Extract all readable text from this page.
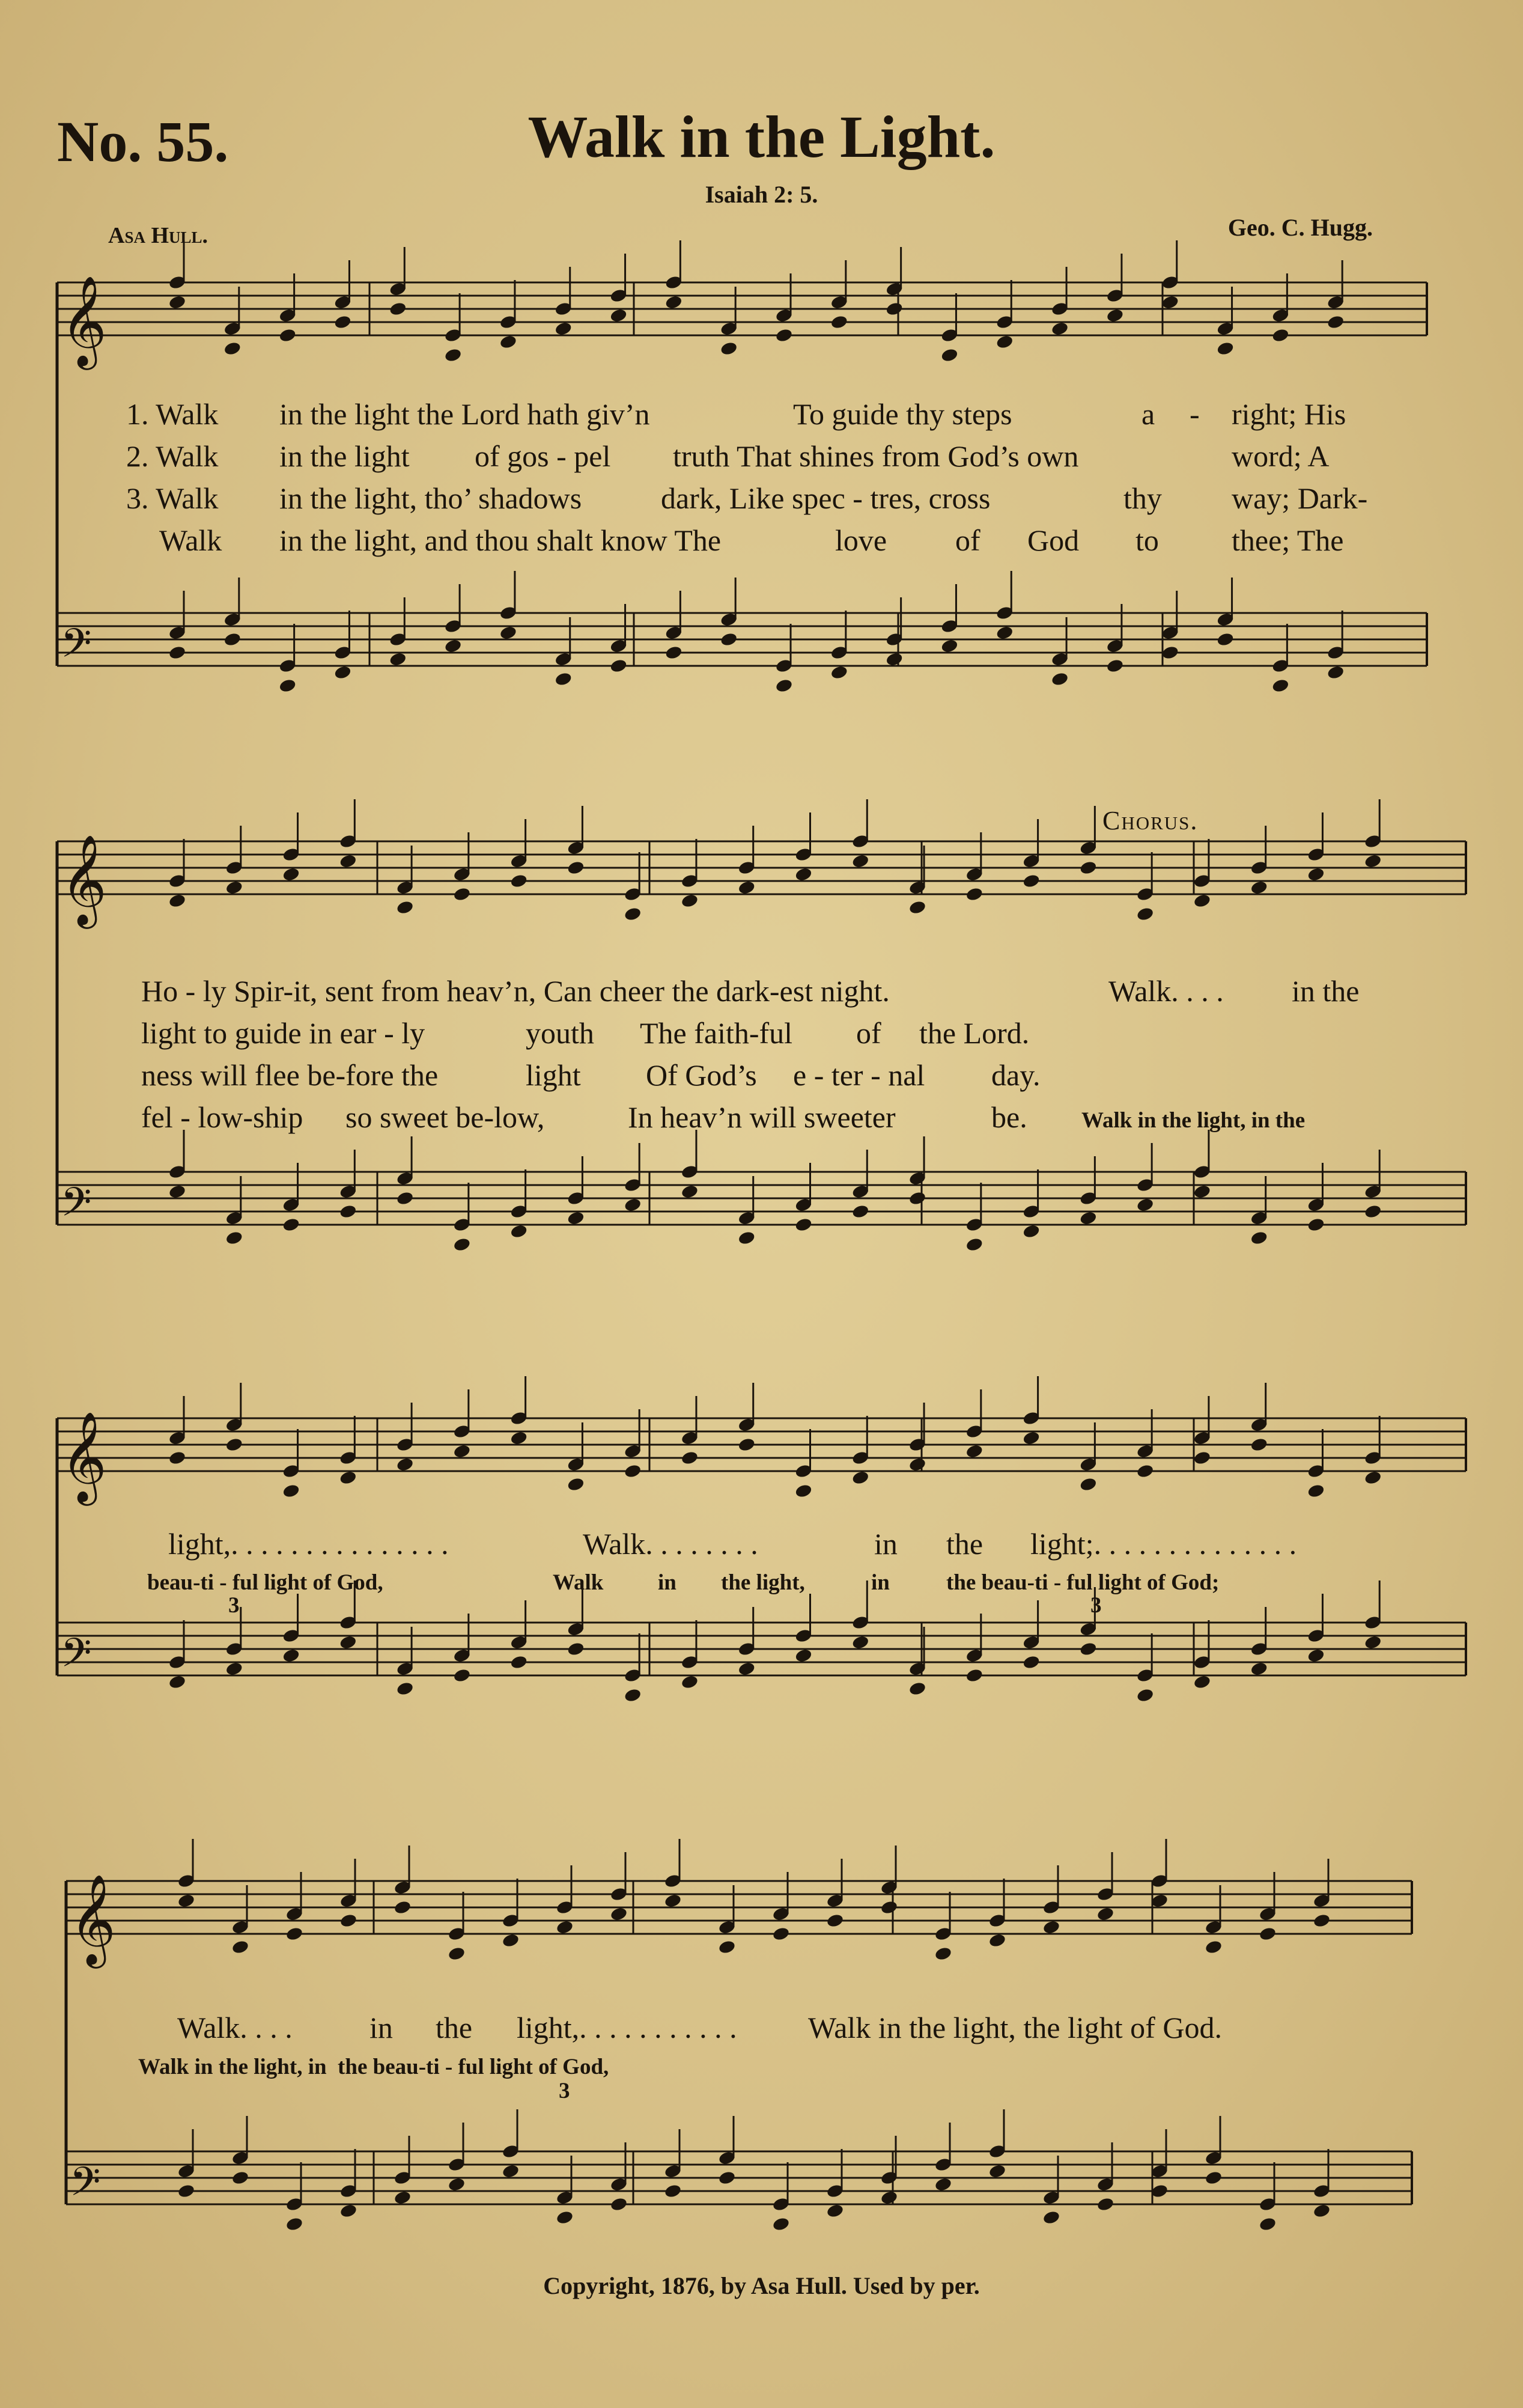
No. 55.	Walk in the Light.
Isaiah 2: 5.
Asa Hull.	Geo. C. Hugg.
𝄞
𝄢
𝄞
𝄢
𝄞
𝄢
𝄞
𝄢
1. Walk in the light the Lord hath giv’n	To guide thy steps	a - right; His
2. Walk in the light of gos - pel truth That shines from God’s own	word; A
3. Walk in the light, tho’ shadows	dark, Like spec - tres, cross	thy way; Dark-
Walk in the light, and thou shalt know The	love of God to thee; The
Chorus.
Ho - ly Spir-it, sent from heav’n, Can cheer the dark-est night.	Walk. . . . in the
light to guide in ear - ly	youth The faith-ful of the Lord.
ness will flee be-fore the	light Of God’s e - ter - nal day.
fel - low-ship so sweet be-low,	In heav’n will sweeter	be. Walk in the light, in the
light,. . . . . . . . . . . . . . .	Walk. . . . . . . .	in the light;. . . . . . . . . . . . . .
beau-ti - ful light of God,	Walk in the light,	in	the beau-ti - ful light of God;
3	3
Walk. . . .	in the light,. . . . . . . . . . . Walk in the light, the light of God.
Walk in the light, in  the beau-ti - ful light of God,
3
Copyright, 1876, by Asa Hull. Used by per.
